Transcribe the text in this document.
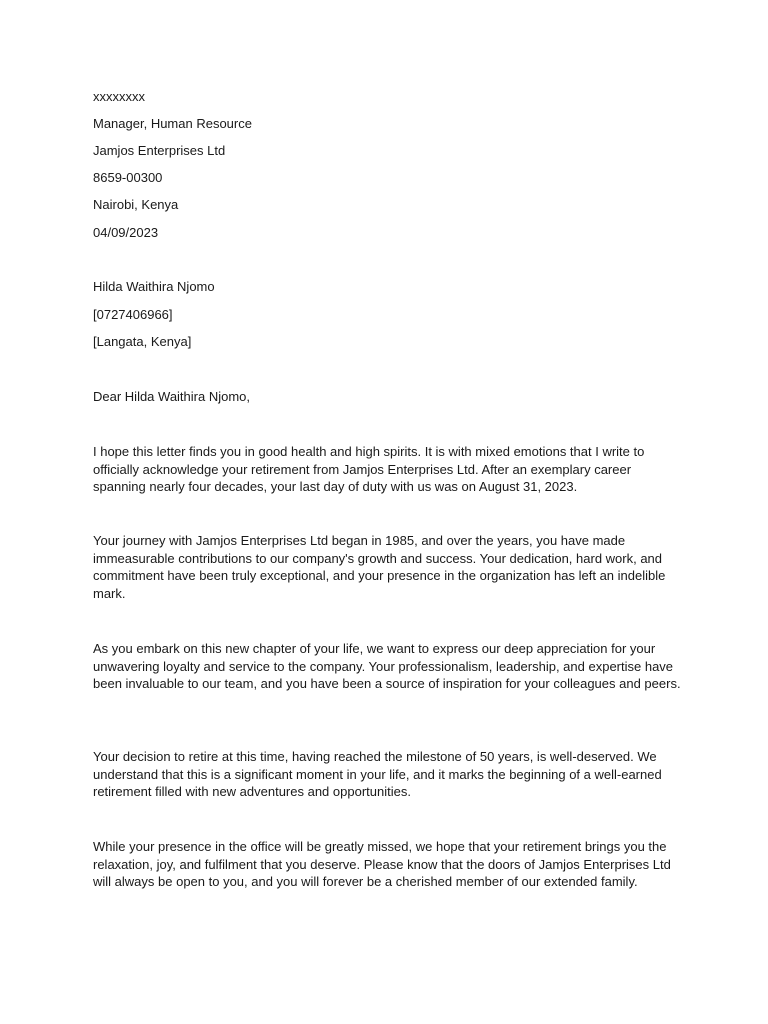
xxxxxxxx
Manager, Human Resource
Jamjos Enterprises Ltd
8659-00300
Nairobi, Kenya
04/09/2023
Hilda Waithira Njomo
[0727406966]
[Langata, Kenya]
Dear Hilda Waithira Njomo,
I hope this letter finds you in good health and high spirits. It is with mixed emotions that I write to officially acknowledge your retirement from Jamjos Enterprises Ltd. After an exemplary career spanning nearly four decades, your last day of duty with us was on August 31, 2023.
Your journey with Jamjos Enterprises Ltd began in 1985, and over the years, you have made immeasurable contributions to our company's growth and success. Your dedication, hard work, and commitment have been truly exceptional, and your presence in the organization has left an indelible mark.
As you embark on this new chapter of your life, we want to express our deep appreciation for your unwavering loyalty and service to the company. Your professionalism, leadership, and expertise have been invaluable to our team, and you have been a source of inspiration for your colleagues and peers.
Your decision to retire at this time, having reached the milestone of 50 years, is well-deserved. We understand that this is a significant moment in your life, and it marks the beginning of a well-earned retirement filled with new adventures and opportunities.
While your presence in the office will be greatly missed, we hope that your retirement brings you the relaxation, joy, and fulfilment that you deserve. Please know that the doors of Jamjos Enterprises Ltd will always be open to you, and you will forever be a cherished member of our extended family.
